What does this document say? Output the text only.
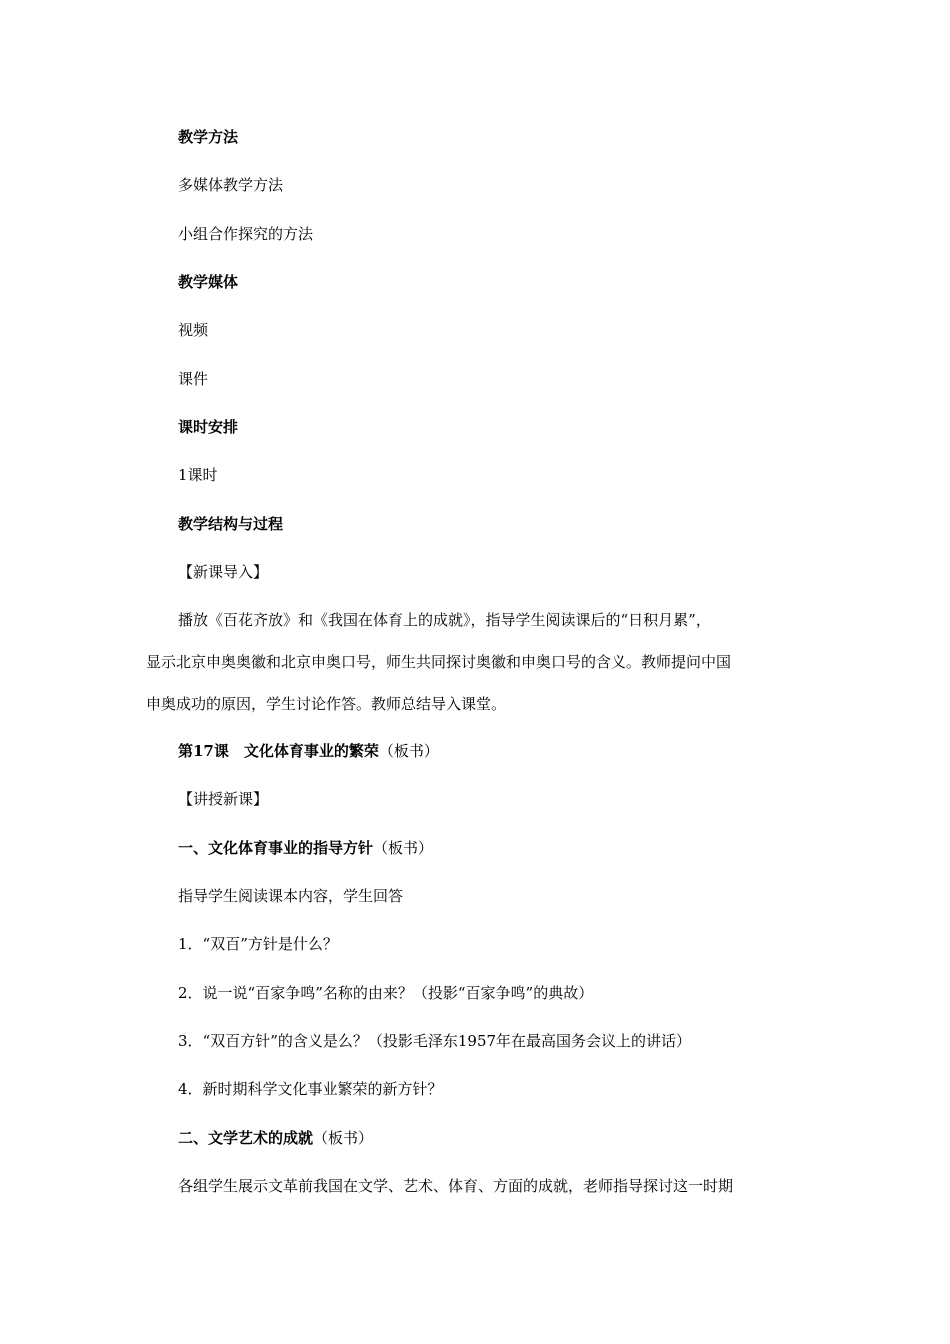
教学方法
多媒体教学方法
小组合作探究的方法
教学媒体
视频
课件
课时安排
1课时
教学结构与过程
【新课导入】
播放《百花齐放》和《我国在体育上的成就》，指导学生阅读课后的“日积月累”，
显示北京申奥奥徽和北京申奥口号，师生共同探讨奥徽和申奥口号的含义。教师提问中国
申奥成功的原因，学生讨论作答。教师总结导入课堂。
第17课　文化体育事业的繁荣（板书）
【讲授新课】
一、文化体育事业的指导方针（板书）
指导学生阅读课本内容，学生回答
1．“双百”方针是什么？
2．说一说“百家争鸣”名称的由来？（投影“百家争鸣”的典故）
3．“双百方针”的含义是么？（投影毛泽东1957年在最高国务会议上的讲话）
4．新时期科学文化事业繁荣的新方针？
二、文学艺术的成就（板书）
各组学生展示文革前我国在文学、艺术、体育、方面的成就，老师指导探讨这一时期
